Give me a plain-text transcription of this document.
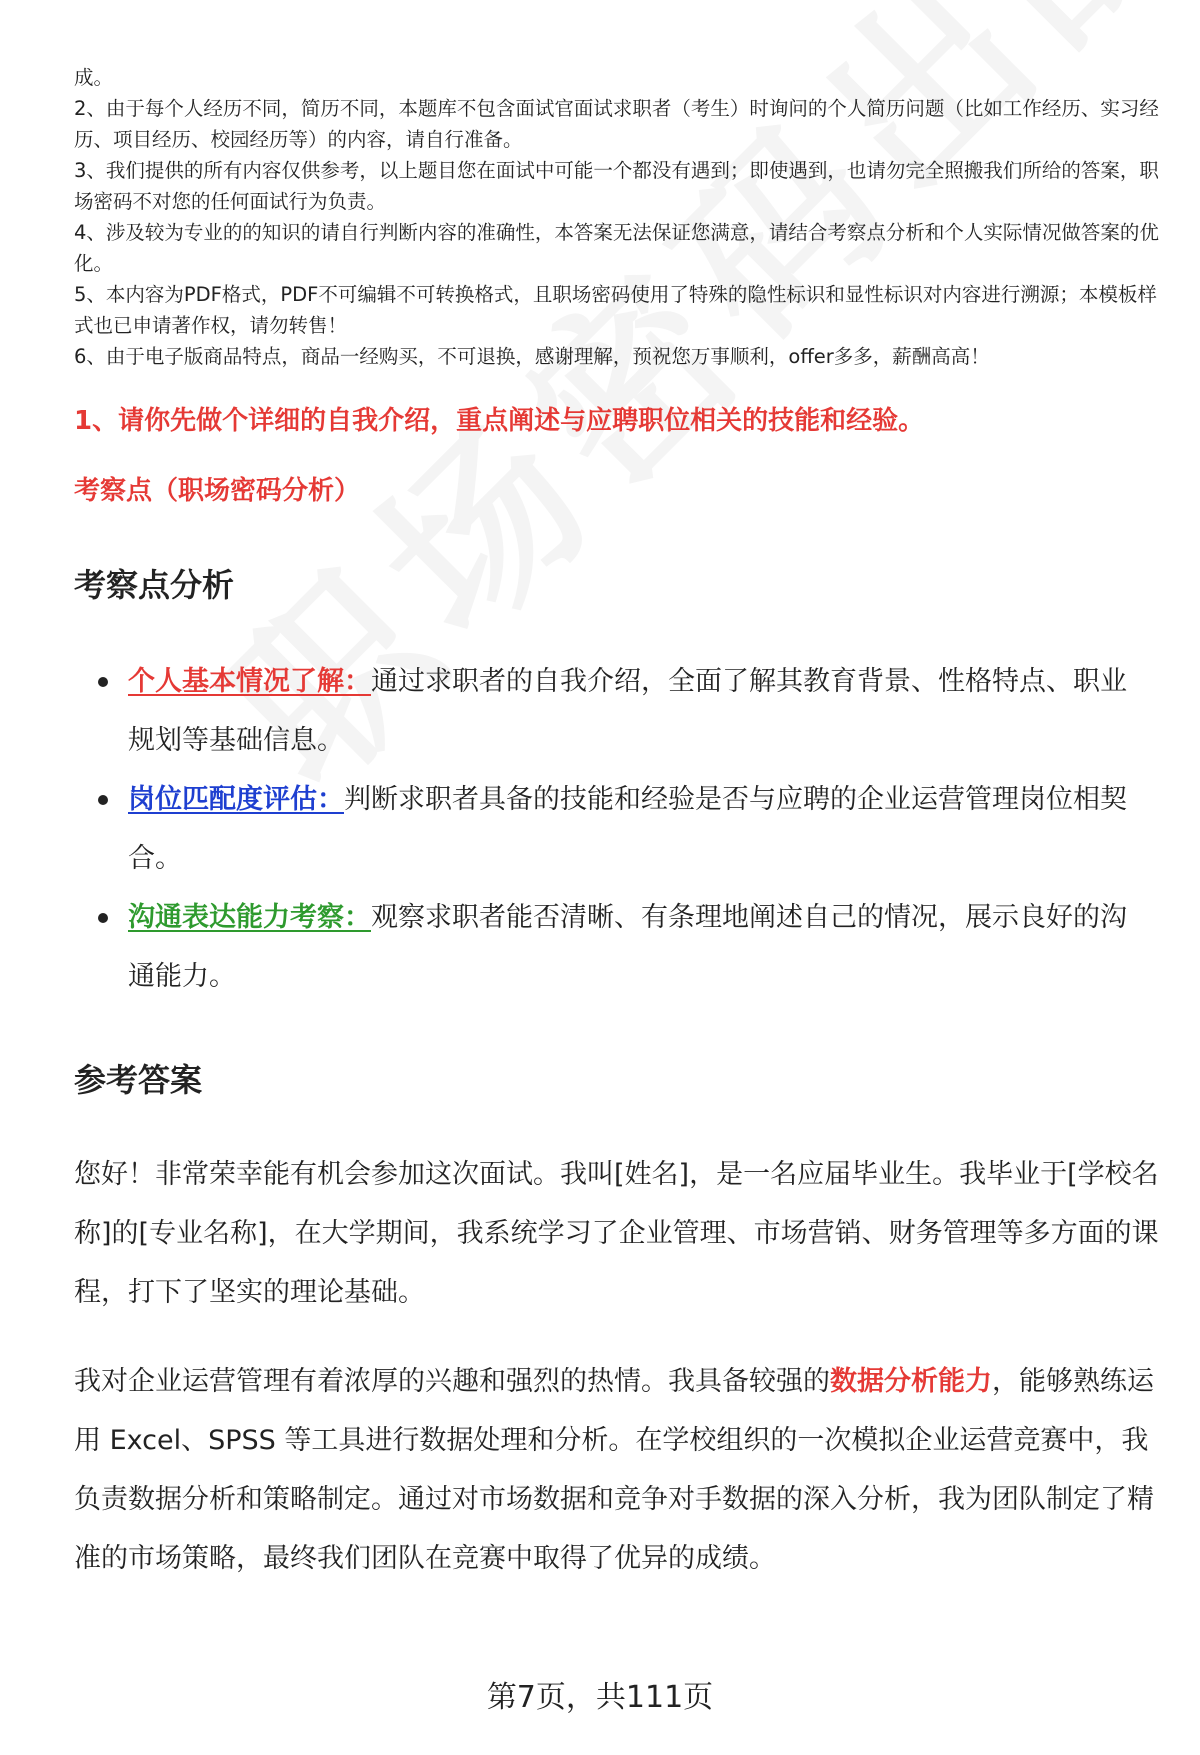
成。

2、由于每个人经历不同，简历不同，本题库不包含面试官面试求职者（考生）时询问的个人简历问题（比如工作经历、实习经历、项目经历、校园经历等）的内容，请自行准备。

3、我们提供的所有内容仅供参考，以上题目您在面试中可能一个都没有遇到；即使遇到，也请勿完全照搬我们所给的答案，职场密码不对您的任何面试行为负责。

4、涉及较为专业的的知识的请自行判断内容的准确性，本答案无法保证您满意，请结合考察点分析和个人实际情况做答案的优化。

5、本内容为PDF格式，PDF不可编辑不可转换格式，且职场密码使用了特殊的隐性标识和显性标识对内容进行溯源；本模板样式也已申请著作权，请勿转售！

6、由于电子版商品特点，商品一经购买，不可退换，感谢理解，预祝您万事顺利，offer多多，薪酬高高！

1、请你先做个详细的自我介绍，重点阐述与应聘职位相关的技能和经验。
考察点（职场密码分析）
考察点分析
个人基本情况了解：通过求职者的自我介绍，全面了解其教育背景、性格特点、职业规划等基础信息。
岗位匹配度评估：判断求职者具备的技能和经验是否与应聘的企业运营管理岗位相契合。
沟通表达能力考察：观察求职者能否清晰、有条理地阐述自己的情况，展示良好的沟通能力。
参考答案

您好！非常荣幸能有机会参加这次面试。我叫[姓名]，是一名应届毕业生。我毕业于[学校名称]的[专业名称]，在大学期间，我系统学习了企业管理、市场营销、财务管理等多方面的课程，打下了坚实的理论基础。

我对企业运营管理有着浓厚的兴趣和强烈的热情。我具备较强的数据分析能力，能够熟练运用 Excel、SPSS 等工具进行数据处理和分析。在学校组织的一次模拟企业运营竞赛中，我负责数据分析和策略制定。通过对市场数据和竞争对手数据的深入分析，我为团队制定了精准的市场策略，最终我们团队在竞赛中取得了优异的成绩。

第7页，共111页
